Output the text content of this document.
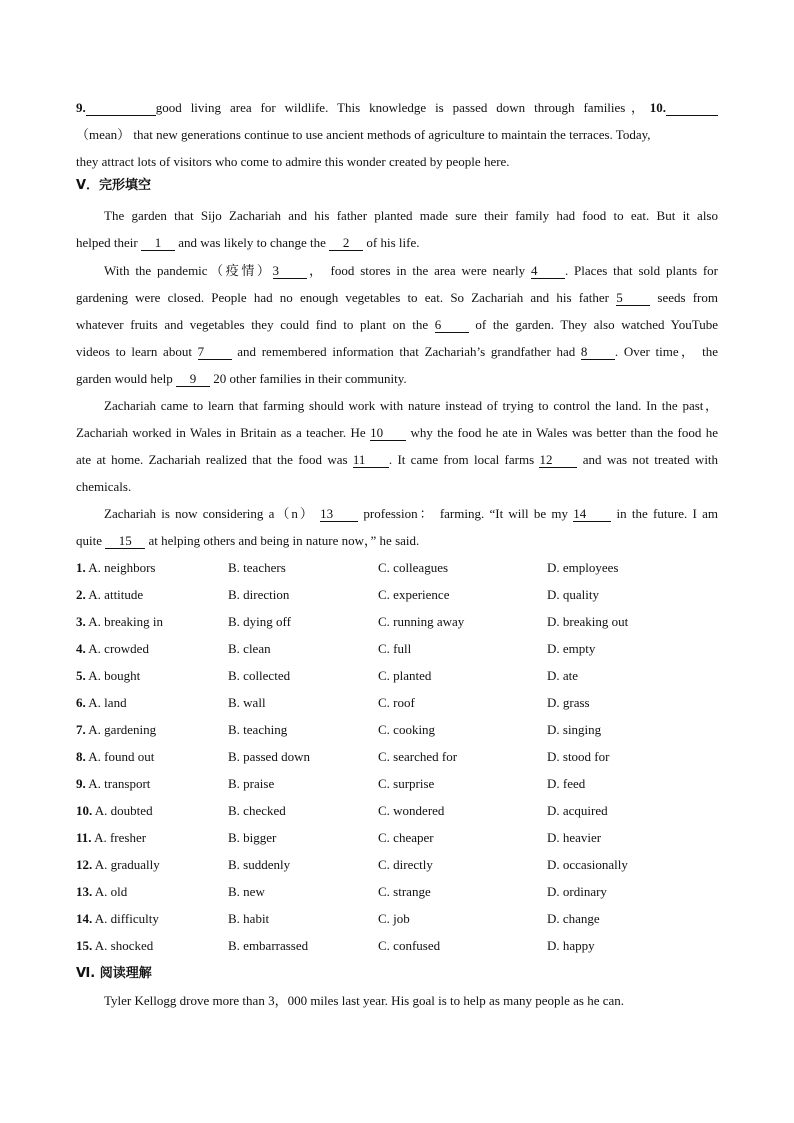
9.	good living area for wildlife. This knowledge is passed down through families，10.
（mean） that new generations continue to use ancient methods of agriculture to maintain the terraces. Today,
they attract lots of visitors who come to admire this wonder created by people here.
V．完形填空
The garden that Sijo Zachariah and his father planted made sure their family had food to eat. But it also
helped their 1 and was likely to change the 2 of his life.
With the pandemic（疫情）3 ， food stores in the area were nearly 4 . Places that sold plants for
gardening were closed. People had no enough vegetables to eat. So Zachariah and his father 5	seeds from
whatever fruits and vegetables they could find to plant on the 6	of the garden. They also watched YouTube
videos to learn about 7	and remembered information that Zachariah’s grandfather had 8 . Over time， the
garden would help 9 20 other families in their community.
Zachariah came to learn that farming should work with nature instead of trying to control the land. In the past，
Zachariah worked in Wales in Britain as a teacher. He 10 why the food he ate in Wales was better than the food he
ate at home. Zachariah realized that the food was 11 . It came from local farms 12 and was not treated with
chemicals.
Zachariah is now considering a（n） 13 profession： farming. “It will be my 14 in the future. I am
quite 15 at helping others and being in nature now，” he said.
1. A. neighbors	B. teachers	C. colleagues	D. employees
2. A. attitude	B. direction	C. experience	D. quality
3. A. breaking in	B. dying off	C. running away	D. breaking out
4. A. crowded	B. clean	C. full	D. empty
5. A. bought	B. collected	C. planted	D. ate
6. A. land	B. wall	C. roof	D. grass
7. A. gardening	B. teaching	C. cooking	D. singing
8. A. found out	B. passed down	C. searched for	D. stood for
9. A. transport	B. praise	C. surprise	D. feed
10. A. doubted	B. checked	C. wondered	D. acquired
11. A. fresher	B. bigger	C. cheaper	D. heavier
12. A. gradually	B. suddenly	C. directly	D. occasionally
13. A. old	B. new	C. strange	D. ordinary
14. A. difficulty	B. habit	C. job	D. change
15. A. shocked	B. embarrassed	C. confused	D. happy
Ⅵ. 阅读理解
Tyler Kellogg drove more than 3，000 miles last year. His goal is to help as many people as he can.
